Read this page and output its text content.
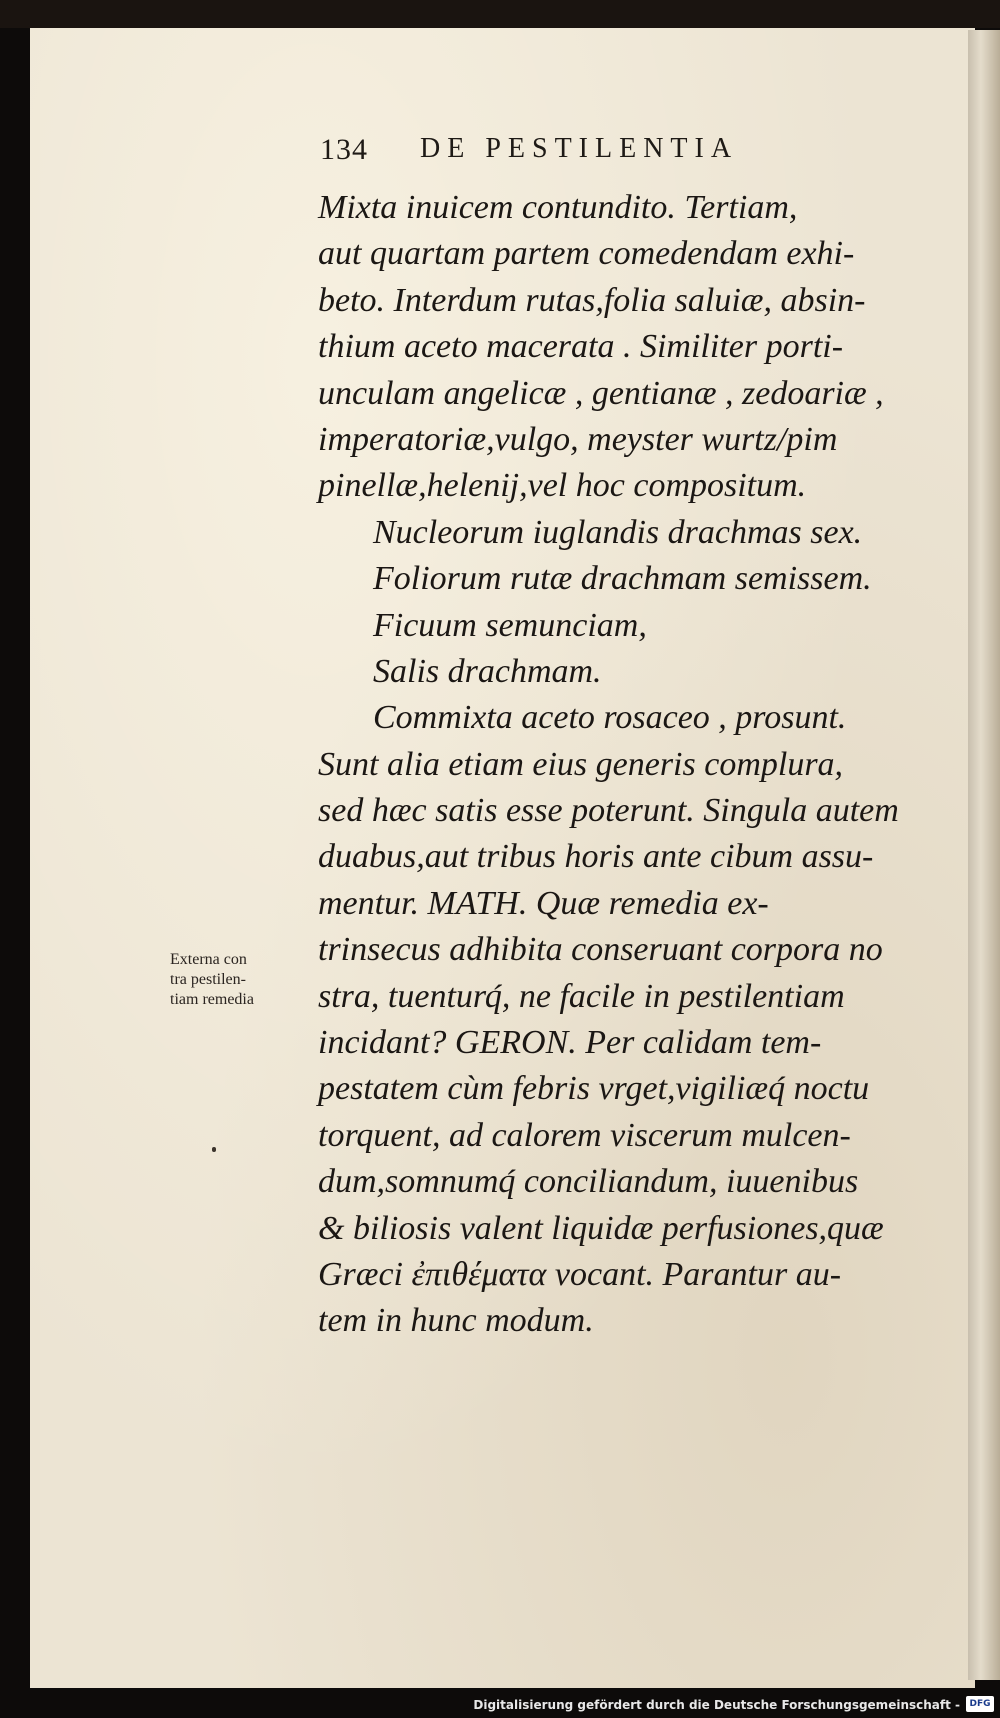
134 DE PESTILENTIA
Mixta inuicem contundito. Tertiam,
aut quartam partem comedendam exhi-
beto. Interdum rutas,folia saluiæ, absin-
thium aceto macerata . Similiter porti-
unculam angelicæ , gentianæ , zedoariæ ,
imperatoriæ,vulgo, meyster wurtz/pim
pinellæ,helenij,vel hoc compositum.
Nucleorum iuglandis drachmas sex.
Foliorum rutæ drachmam semissem.
Ficuum semunciam,
Salis drachmam.
Commixta aceto rosaceo , prosunt.
Sunt alia etiam eius generis complura,
sed hæc satis esse poterunt. Singula autem
duabus,aut tribus horis ante cibum assu-
mentur. MATH. Quæ remedia ex-
trinsecus adhibita conseruant corpora no
stra, tuenturq́, ne facile in pestilentiam
incidant? GERON. Per calidam tem-
pestatem cùm febris vrget,vigiliæq́ noctu
torquent, ad calorem viscerum mulcen-
dum,somnumq́ conciliandum, iuuenibus
& biliosis valent liquidæ perfusiones,quæ
Græci ἐπιθέματα vocant. Parantur au-
tem in hunc modum.
Externa con
tra pestilen-
tiam remedia
Digitalisierung gefördert durch die Deutsche Forschungsgemeinschaft -	DFG
